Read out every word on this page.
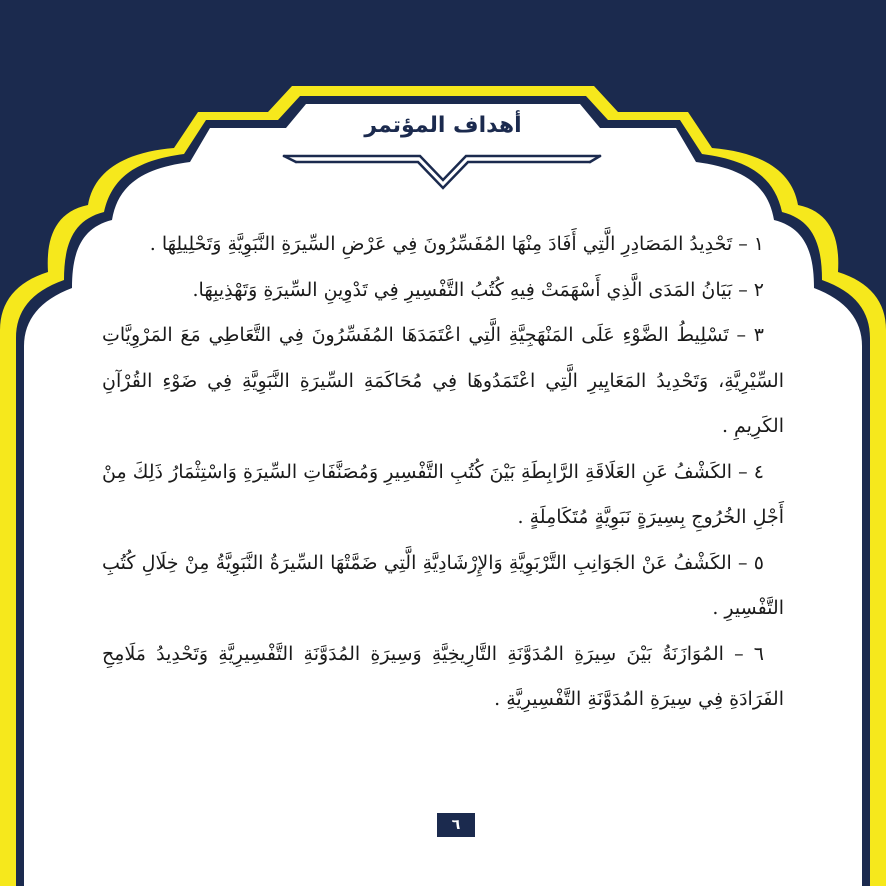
أهداف المؤتمر

١ – تَحْدِيدُ المَصَادِرِ الَّتِي أَفَادَ مِنْهَا المُفَسِّرُونَ فِي عَرْضِ السِّيرَةِ النَّبَوِيَّةِ وَتَحْلِيلِهَا .

٢ – بَيَانُ المَدَى الَّذِي أَسْهَمَتْ فِيهِ كُتُبُ التَّفْسِيرِ فِي تَدْوِينِ السِّيرَةِ وَتَهْذِيبِهَا.

٣ – تَسْلِيطُ الضَّوْءِ عَلَى المَنْهَجِيَّةِ الَّتِي اعْتَمَدَهَا المُفَسِّرُونَ فِي التَّعَاطِي مَعَ المَرْوِيَّاتِ السِّيْرِيَّةِ، وَتَحْدِيدُ المَعَايِيرِ الَّتِي اعْتَمَدُوهَا فِي مُحَاكَمَةِ السِّيرَةِ النَّبَوِيَّةِ فِي ضَوْءِ القُرْآنِ الكَرِيمِ .

٤ – الكَشْفُ عَنِ العَلَاقَةِ الرَّابِطَةِ بَيْنَ كُتُبِ التَّفْسِيرِ وَمُصَنَّفَاتِ السِّيرَةِ وَاسْتِثْمَارُ ذَلِكَ مِنْ أَجْلِ الخُرُوجِ بِسِيرَةٍ نَبَوِيَّةٍ مُتَكَامِلَةٍ .

٥ – الكَشْفُ عَنْ الجَوَانِبِ التَّرْبَوِيَّةِ وَالإِرْشَادِيَّةِ الَّتِي ضَمَّتْهَا السِّيرَةُ النَّبَوِيَّةُ مِنْ خِلَالِ كُتُبِ التَّفْسِيرِ .

٦ – المُوَازَنَةُ بَيْنَ سِيرَةِ المُدَوَّنَةِ التَّارِيخِيَّةِ وَسِيرَةِ المُدَوَّنَةِ التَّفْسِيرِيَّةِ وَتَحْدِيدُ مَلَامِحِ الفَرَادَةِ فِي سِيرَةِ المُدَوَّنَةِ التَّفْسِيرِيَّةِ .

٦
